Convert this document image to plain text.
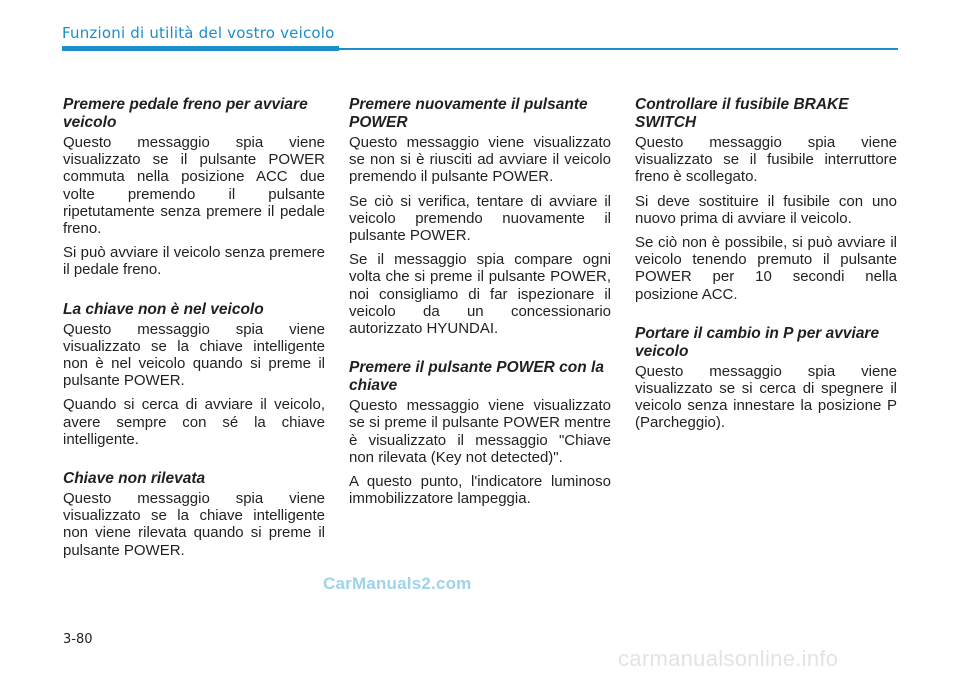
Funzioni di utilità del vostro veicolo
Premere pedale freno per avviare veicolo

Questo messaggio spia viene visualizzato se il pulsante POWER commuta nella posizione ACC due volte premendo il pulsante ripetutamente senza premere il pedale freno.

Si può avviare il veicolo senza premere il pedale freno.

La chiave non è nel veicolo

Questo messaggio spia viene visualizzato se la chiave intelligente non è nel veicolo quando si preme il pulsante POWER.

Quando si cerca di avviare il veicolo, avere sempre con sé la chiave intelligente.

Chiave non rilevata

Questo messaggio spia viene visualizzato se la chiave intelligente non viene rilevata quando si preme il pulsante POWER.

Premere nuovamente il pulsante POWER

Questo messaggio viene visualizzato se non si è riusciti ad avviare il veicolo premendo il pulsante POWER.

Se ciò si verifica, tentare di avviare il veicolo premendo nuovamente il pulsante POWER.

Se il messaggio spia compare ogni volta che si preme il pulsante POWER, noi consigliamo di far ispezionare il veicolo da un concessionario autorizzato HYUNDAI.

Premere il pulsante POWER con la chiave

Questo messaggio viene visualizzato se si preme il pulsante POWER mentre è visualizzato il messaggio "Chiave non rilevata (Key not detected)".

A questo punto, l'indicatore luminoso immobilizzatore lampeggia.

Controllare il fusibile BRAKE SWITCH

Questo messaggio spia viene visualizzato se il fusibile interruttore freno è scollegato.

Si deve sostituire il fusibile con uno nuovo prima di avviare il veicolo.

Se ciò non è possibile, si può avviare il veicolo tenendo premuto il pulsante POWER per 10 secondi nella posizione ACC.

Portare il cambio in P per avviare veicolo

Questo messaggio spia viene visualizzato se si cerca di spegnere il veicolo senza innestare la posizione P (Parcheggio).

CarManuals2.com
3-80
carmanualsonline.info
